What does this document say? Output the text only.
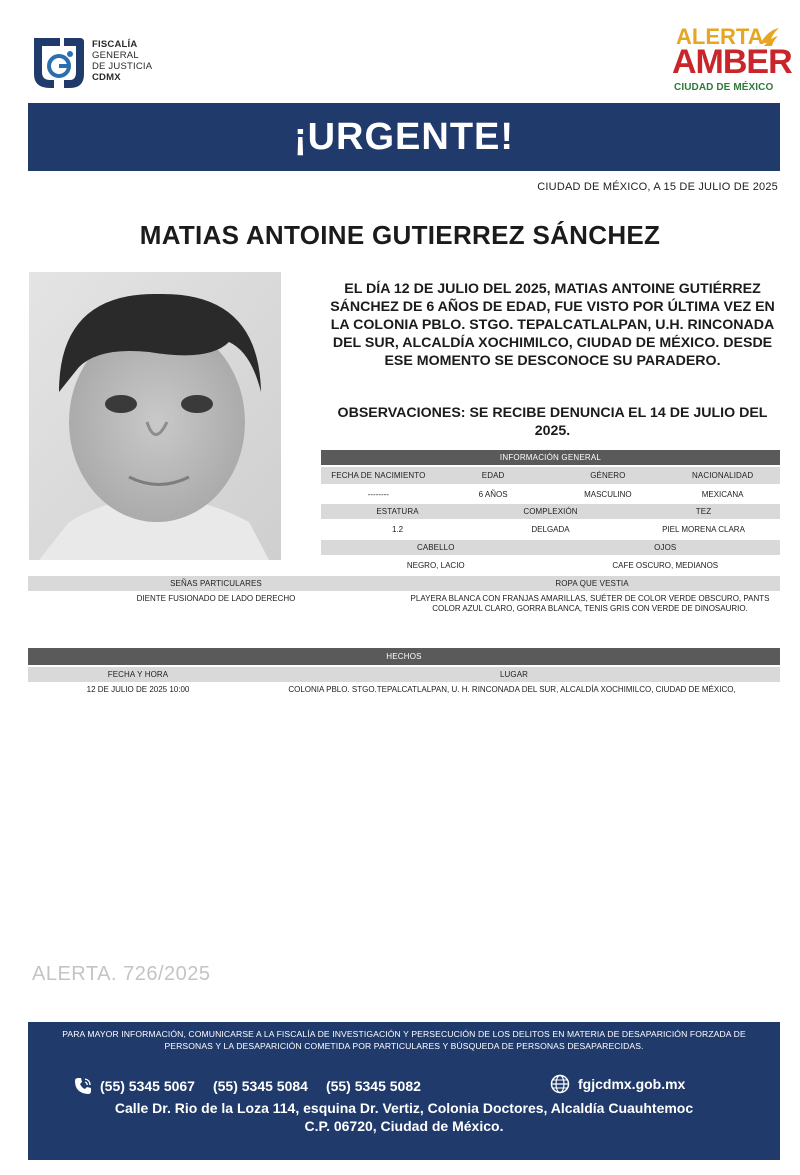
FISCALÍA
GENERAL
DE JUSTICIA
CDMX
ALERTA
AMBER
CIUDAD DE MÉXICO
¡URGENTE!
CIUDAD DE MÉXICO, A 15 DE JULIO DE 2025
MATIAS ANTOINE GUTIERREZ SÁNCHEZ
EL DÍA 12 DE JULIO DEL 2025, MATIAS ANTOINE GUTIÉRREZ SÁNCHEZ DE 6 AÑOS DE EDAD, FUE VISTO POR ÚLTIMA VEZ EN LA COLONIA PBLO. STGO. TEPALCATLALPAN, U.H. RINCONADA DEL SUR, ALCALDÍA XOCHIMILCO, CIUDAD DE MÉXICO. DESDE ESE MOMENTO SE DESCONOCE SU PARADERO.
OBSERVACIONES: SE RECIBE DENUNCIA EL 14 DE JULIO DEL 2025.
INFORMACIÓN GENERAL
FECHA DE NACIMIENTO	EDAD	GÉNERO	NACIONALIDAD
--------	6 AÑOS	MASCULINO	MEXICANA
ESTATURA	COMPLEXIÓN	TEZ
1.2	DELGADA	PIEL MORENA CLARA
CABELLO	OJOS
NEGRO, LACIO	CAFE OSCURO, MEDIANOS
SEÑAS PARTICULARES	ROPA QUE VESTIA
DIENTE FUSIONADO DE LADO DERECHO	PLAYERA BLANCA CON FRANJAS AMARILLAS, SUÉTER DE COLOR VERDE OBSCURO, PANTS COLOR AZUL CLARO, GORRA BLANCA, TENIS GRIS CON VERDE DE DINOSAURIO.
HECHOS
FECHA Y HORA	LUGAR
12 DE JULIO DE 2025 10:00	COLONIA PBLO. STGO.TEPALCATLALPAN, U. H. RINCONADA DEL SUR, ALCALDÍA XOCHIMILCO, CIUDAD DE MÉXICO,
ALERTA. 726/2025
PARA MAYOR INFORMACIÓN, COMUNICARSE A LA FISCALÍA DE INVESTIGACIÓN Y PERSECUCIÓN DE LOS DELITOS EN MATERIA DE DESAPARICIÓN FORZADA DE PERSONAS Y LA DESAPARICIÓN COMETIDA POR PARTICULARES Y BÚSQUEDA DE PERSONAS DESAPARECIDAS.
(55) 5345 5067 (55) 5345 5084 (55) 5345 5082	fgjcdmx.gob.mx
Calle Dr. Rio de la Loza 114, esquina Dr. Vertiz, Colonia Doctores, Alcaldía Cuauhtemoc
C.P. 06720, Ciudad de México.
